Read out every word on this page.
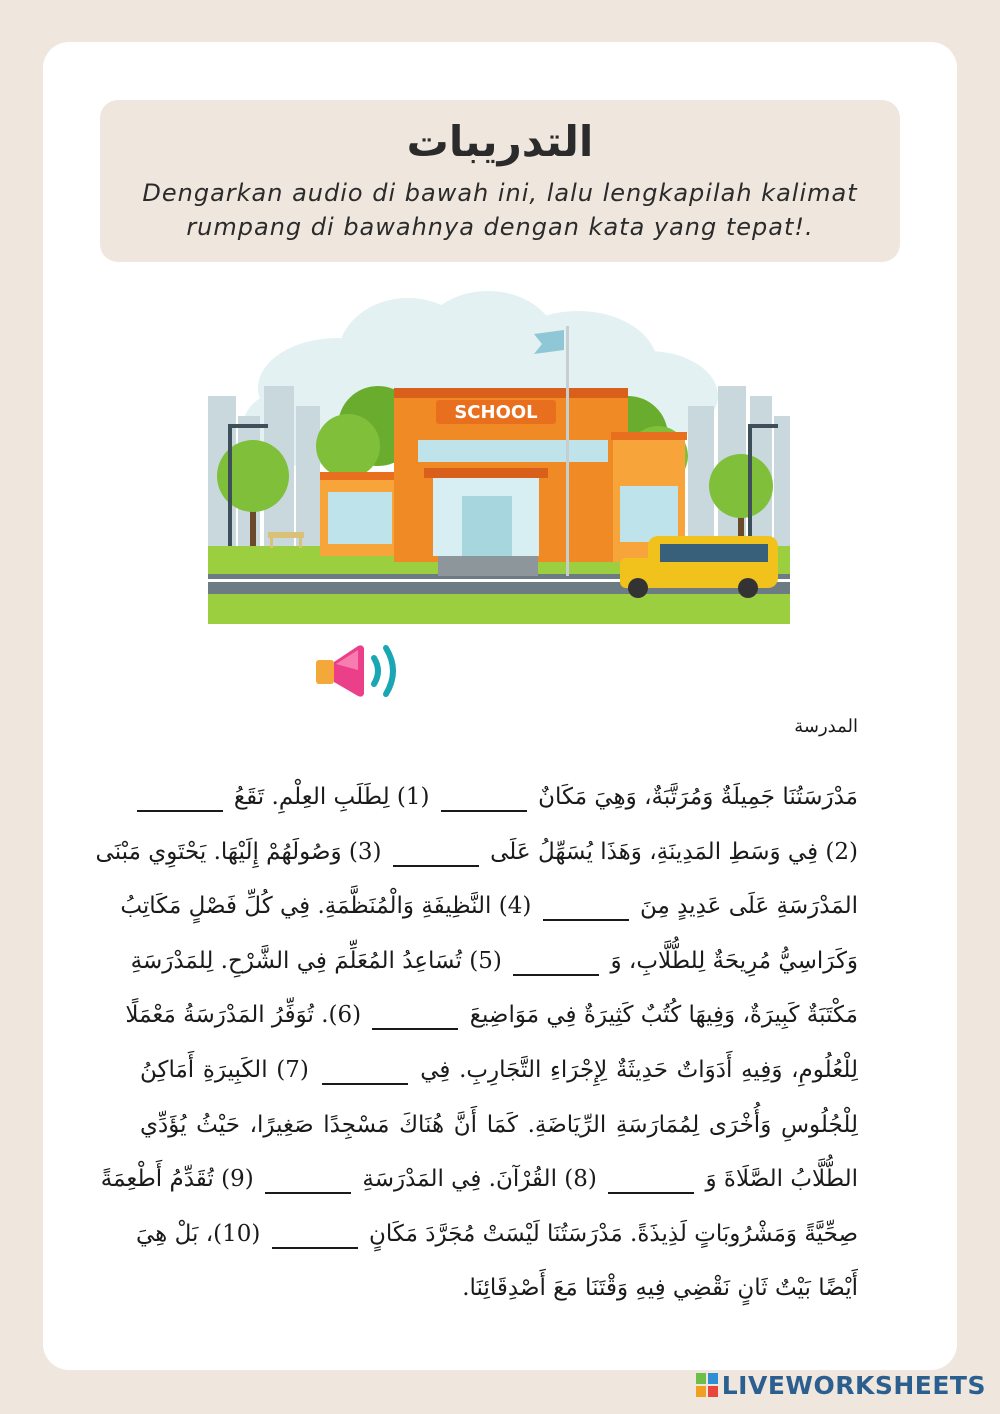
التدريبات
Dengarkan audio di bawah ini, lalu lengkapilah kalimat rumpang di bawahnya dengan kata yang tepat!.
SCHOOL
المدرسة
مَدْرَسَتُنَا جَمِيلَةٌ وَمُرَتَّبَةٌ، وَهِيَ مَكَانٌ  (1) لِطَلَبِ العِلْمِ. تَقَعُ
(2) فِي وَسَطِ المَدِينَةِ، وَهَذَا يُسَهِّلُ عَلَى  (3) وَصُولَهُمْ إِلَيْهَا. يَحْتَوِي مَبْنَى
المَدْرَسَةِ عَلَى عَدِيدٍ مِنَ  (4) النَّظِيفَةِ وَالْمُنَظَّمَةِ. فِي كُلِّ فَصْلٍ مَكَاتِبُ
وَكَرَاسِيُّ مُرِيحَةٌ لِلطُّلَّابِ، وَ  (5) تُسَاعِدُ المُعَلِّمَ فِي الشَّرْحِ. لِلمَدْرَسَةِ
مَكْتَبَةٌ كَبِيرَةٌ، وَفِيهَا كُتُبٌ كَثِيرَةٌ فِي مَوَاضِيعَ  (6). تُوَفِّرُ المَدْرَسَةُ مَعْمَلًا
لِلْعُلُومِ، وَفِيهِ أَدَوَاتٌ حَدِيثَةٌ لِإِجْرَاءِ التَّجَارِبِ. فِي  (7) الكَبِيرَةِ أَمَاكِنُ
لِلْجُلُوسِ وَأُخْرَى لِمُمَارَسَةِ الرِّيَاضَةِ. كَمَا أَنَّ هُنَاكَ مَسْجِدًا صَغِيرًا، حَيْثُ يُؤَدِّي
الطُّلَّابُ الصَّلَاةَ وَ  (8) القُرْآنَ. فِي المَدْرَسَةِ  (9) تُقَدِّمُ أَطْعِمَةً
صِحِّيَّةً وَمَشْرُوبَاتٍ لَذِيذَةً. مَدْرَسَتُنَا لَيْسَتْ مُجَرَّدَ مَكَانٍ  (10)، بَلْ هِيَ
أَيْضًا بَيْتٌ ثَانٍ نَقْضِي فِيهِ وَقْتَنَا مَعَ أَصْدِقَائِنَا.
LIVEWORKSHEETS
